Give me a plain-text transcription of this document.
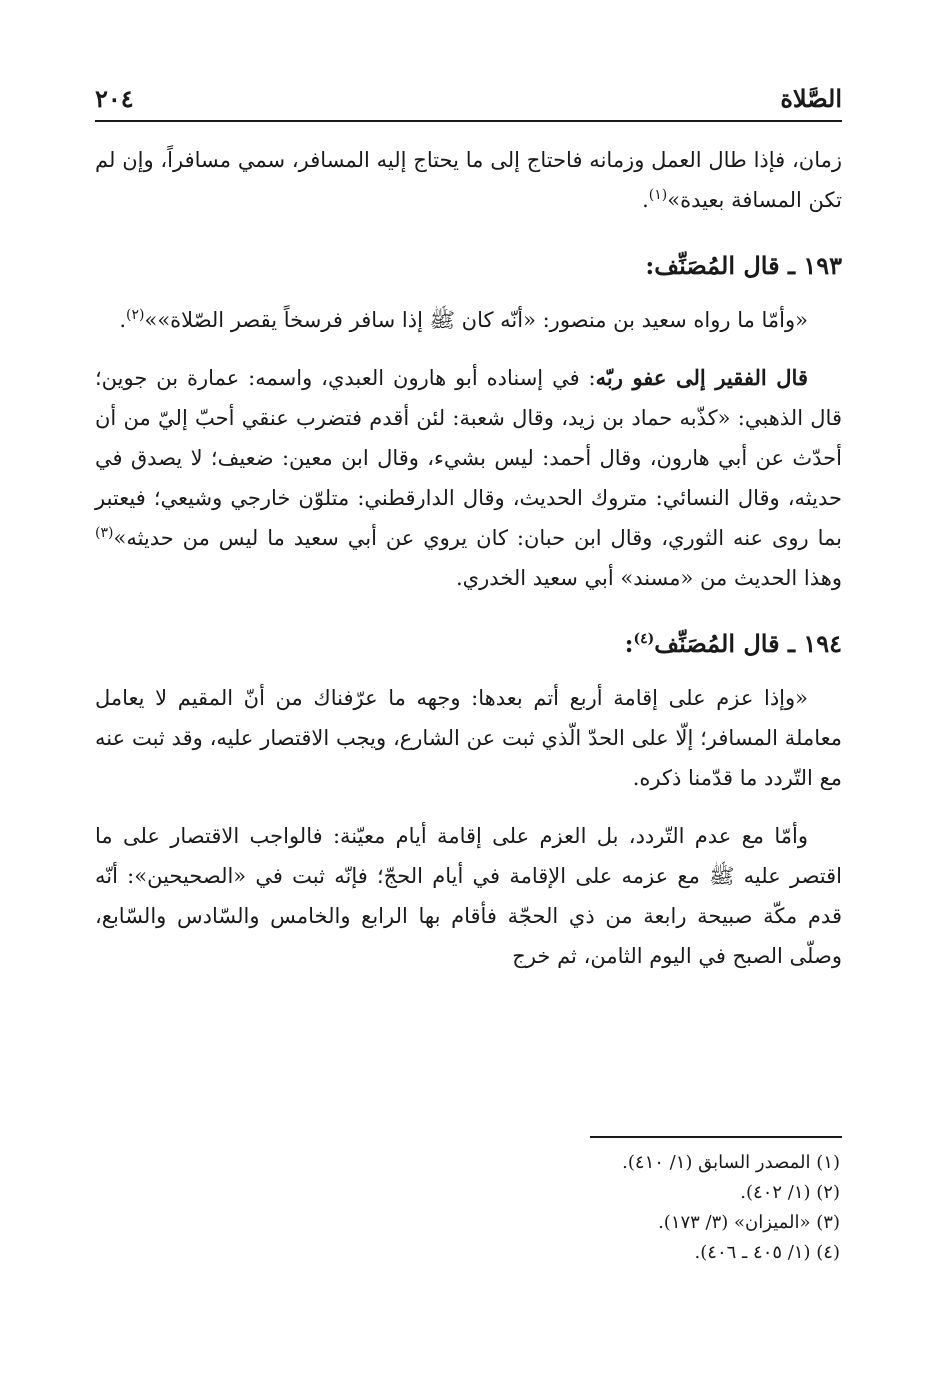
الصَّلاة
٢٠٤

زمان، فإذا طال العمل وزمانه فاحتاج إلى ما يحتاج إليه المسافر، سمي مسافراً، وإن لم تكن المسافة بعيدة»$^{(١)}$.

١٩٣ ـ قال المُصَنِّف:

«وأمّا ما رواه سعيد بن منصور: «أنّه كان ﷺ إذا سافر فرسخاً يقصر الصّلاة»»$^{(٢)}$.

قال الفقير إلى عفو ربّه: في إسناده أبو هارون العبدي، واسمه: عمارة بن جوين؛ قال الذهبي: «كذّبه حماد بن زيد، وقال شعبة: لئن أقدم فتضرب عنقي أحبّ إليّ من أن أحدّث عن أبي هارون، وقال أحمد: ليس بشيء، وقال ابن معين: ضعيف؛ لا يصدق في حديثه، وقال النسائي: متروك الحديث، وقال الدارقطني: متلوّن خارجي وشيعي؛ فيعتبر بما روى عنه الثوري، وقال ابن حبان: كان يروي عن أبي سعيد ما ليس من حديثه»$^{(٣)}$ وهذا الحديث من «مسند» أبي سعيد الخدري.

١٩٤ ـ قال المُصَنِّف$^{(٤)}$:

«وإذا عزم على إقامة أربع أتم بعدها: وجهه ما عرّفناك من أنّ المقيم لا يعامل معاملة المسافر؛ إلّا على الحدّ الّذي ثبت عن الشارع، ويجب الاقتصار عليه، وقد ثبت عنه مع التّردد ما قدّمنا ذكره.

وأمّا مع عدم التّردد، بل العزم على إقامة أيام معيّنة: فالواجب الاقتصار على ما اقتصر عليه ﷺ مع عزمه على الإقامة في أيام الحجّ؛ فإنّه ثبت في «الصحيحين»: أنّه قدم مكّة صبيحة رابعة من ذي الحجّة فأقام بها الرابع والخامس والسّادس والسّابع، وصلّى الصبح في اليوم الثامن، ثم خرج

(١) المصدر السابق (١/ ٤١٠).
(٢) (١/ ٤٠٢).
(٣) «الميزان» (٣/ ١٧٣).
(٤) (١/ ٤٠٥ ـ ٤٠٦).
